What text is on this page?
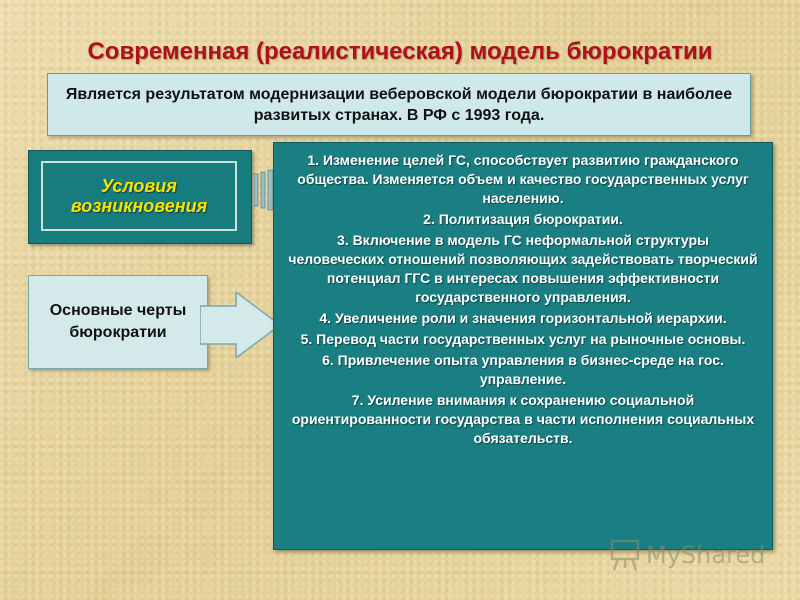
Современная (реалистическая) модель бюрократии
Является результатом модернизации веберовской модели бюрократии в наиболее развитых странах. В РФ с 1993 года.
Условия
возникновения
Основные черты
бюрократии
1. Изменение целей ГС, способствует развитию гражданского общества. Изменяется объем и качество государственных услуг населению.
2. Политизация бюрократии.
3. Включение в модель ГС неформальной структуры человеческих отношений позволяющих задействовать творческий потенциал ГГС в интересах повышения эффективности государственного управления.
4. Увеличение роли и значения горизонтальной иерархии.
5. Перевод части государственных услуг на рыночные основы.
6. Привлечение опыта управления в бизнес-среде на гос. управление.
7. Усиление внимания к сохранению социальной ориентированности государства в части исполнения социальных обязательств.
MyShared
